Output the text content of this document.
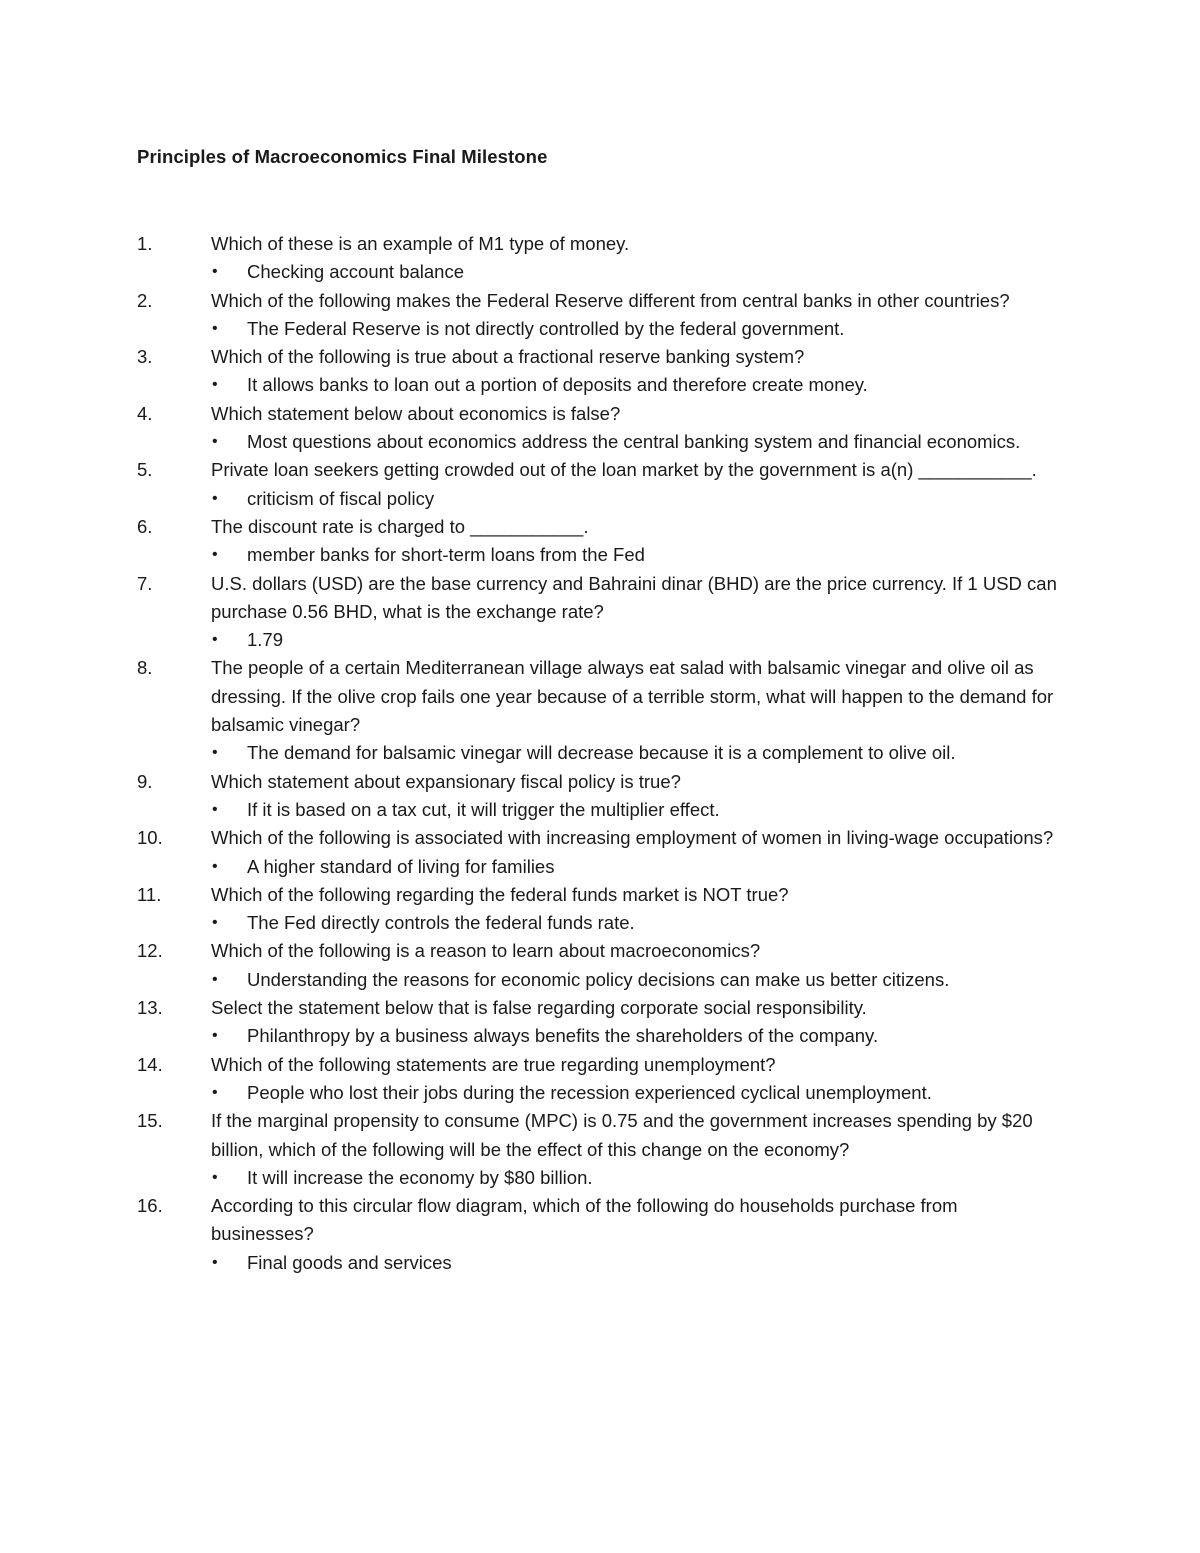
Principles of Macroeconomics Final Milestone
1.	Which of these is an example of M1 type of money.
• Checking account balance
2.	Which of the following makes the Federal Reserve different from central banks in other countries?
• The Federal Reserve is not directly controlled by the federal government.
3.	Which of the following is true about a fractional reserve banking system?
• It allows banks to loan out a portion of deposits and therefore create money.
4.	Which statement below about economics is false?
• Most questions about economics address the central banking system and financial economics.
5.	Private loan seekers getting crowded out of the loan market by the government is a(n) ___________.
• criticism of fiscal policy
6.	The discount rate is charged to ___________.
• member banks for short-term loans from the Fed
7.	U.S. dollars (USD) are the base currency and Bahraini dinar (BHD) are the price currency. If 1 USD can purchase 0.56 BHD, what is the exchange rate?
• 1.79
8.	The people of a certain Mediterranean village always eat salad with balsamic vinegar and olive oil as dressing. If the olive crop fails one year because of a terrible storm, what will happen to the demand for balsamic vinegar?
• The demand for balsamic vinegar will decrease because it is a complement to olive oil.
9.	Which statement about expansionary fiscal policy is true?
• If it is based on a tax cut, it will trigger the multiplier effect.
10.	Which of the following is associated with increasing employment of women in living-wage occupations?
• A higher standard of living for families
11.	Which of the following regarding the federal funds market is NOT true?
• The Fed directly controls the federal funds rate.
12.	Which of the following is a reason to learn about macroeconomics?
• Understanding the reasons for economic policy decisions can make us better citizens.
13.	Select the statement below that is false regarding corporate social responsibility.
• Philanthropy by a business always benefits the shareholders of the company.
14.	Which of the following statements are true regarding unemployment?
• People who lost their jobs during the recession experienced cyclical unemployment.
15.	If the marginal propensity to consume (MPC) is 0.75 and the government increases spending by $20 billion, which of the following will be the effect of this change on the economy?
• It will increase the economy by $80 billion.
16.	According to this circular flow diagram, which of the following do households purchase from businesses?
• Final goods and services
